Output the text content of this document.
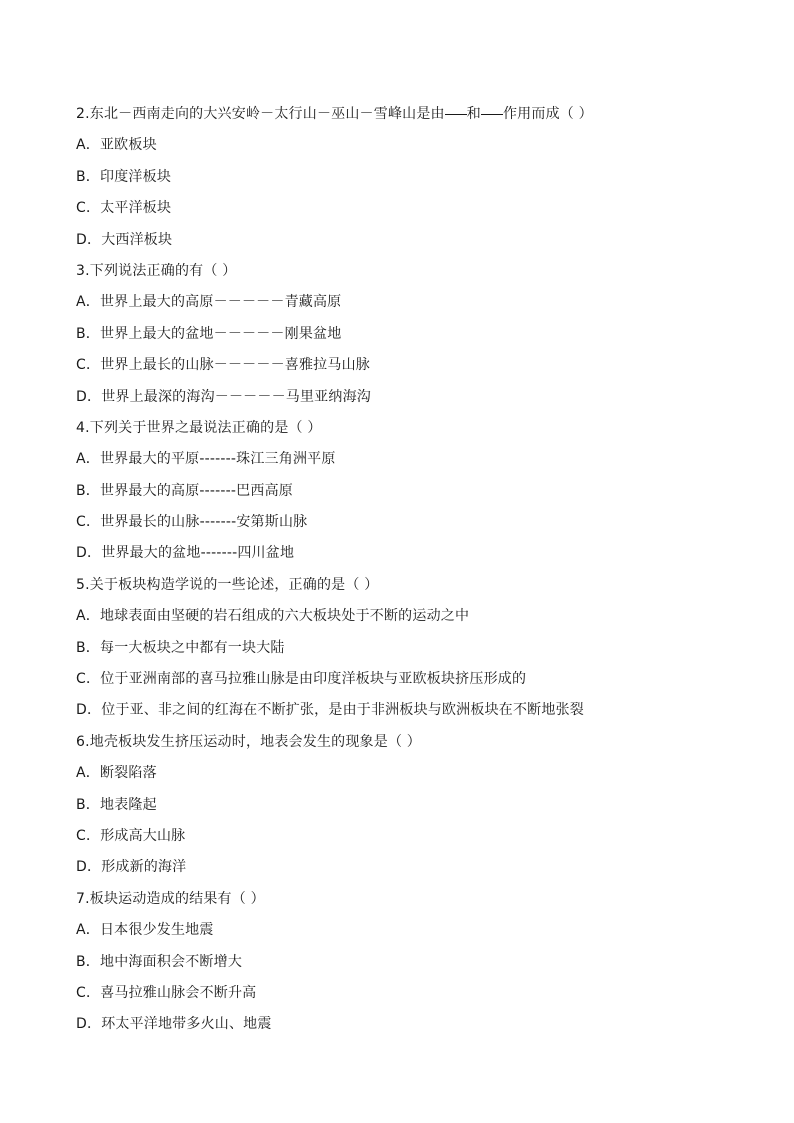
2.东北－西南走向的大兴安岭－太行山－巫山－雪峰山是由 和 作用而成（ ）
A．亚欧板块
B．印度洋板块
C．太平洋板块
D．大西洋板块
3.下列说法正确的有（ ）
A．世界上最大的高原－－－－－青藏高原
B．世界上最大的盆地－－－－－刚果盆地
C．世界上最长的山脉－－－－－喜雅拉马山脉
D．世界上最深的海沟－－－－－马里亚纳海沟
4.下列关于世界之最说法正确的是（ ）
A．世界最大的平原-------珠江三角洲平原
B．世界最大的高原-------巴西高原
C．世界最长的山脉-------安第斯山脉
D．世界最大的盆地-------四川盆地
5.关于板块构造学说的一些论述，正确的是（ ）
A．地球表面由坚硬的岩石组成的六大板块处于不断的运动之中
B．每一大板块之中都有一块大陆
C．位于亚洲南部的喜马拉雅山脉是由印度洋板块与亚欧板块挤压形成的
D．位于亚、非之间的红海在不断扩张，是由于非洲板块与欧洲板块在不断地张裂
6.地壳板块发生挤压运动时，地表会发生的现象是（ ）
A．断裂陷落
B．地表隆起
C．形成高大山脉
D．形成新的海洋
7.板块运动造成的结果有（ ）
A．日本很少发生地震
B．地中海面积会不断增大
C．喜马拉雅山脉会不断升高
D．环太平洋地带多火山、地震
